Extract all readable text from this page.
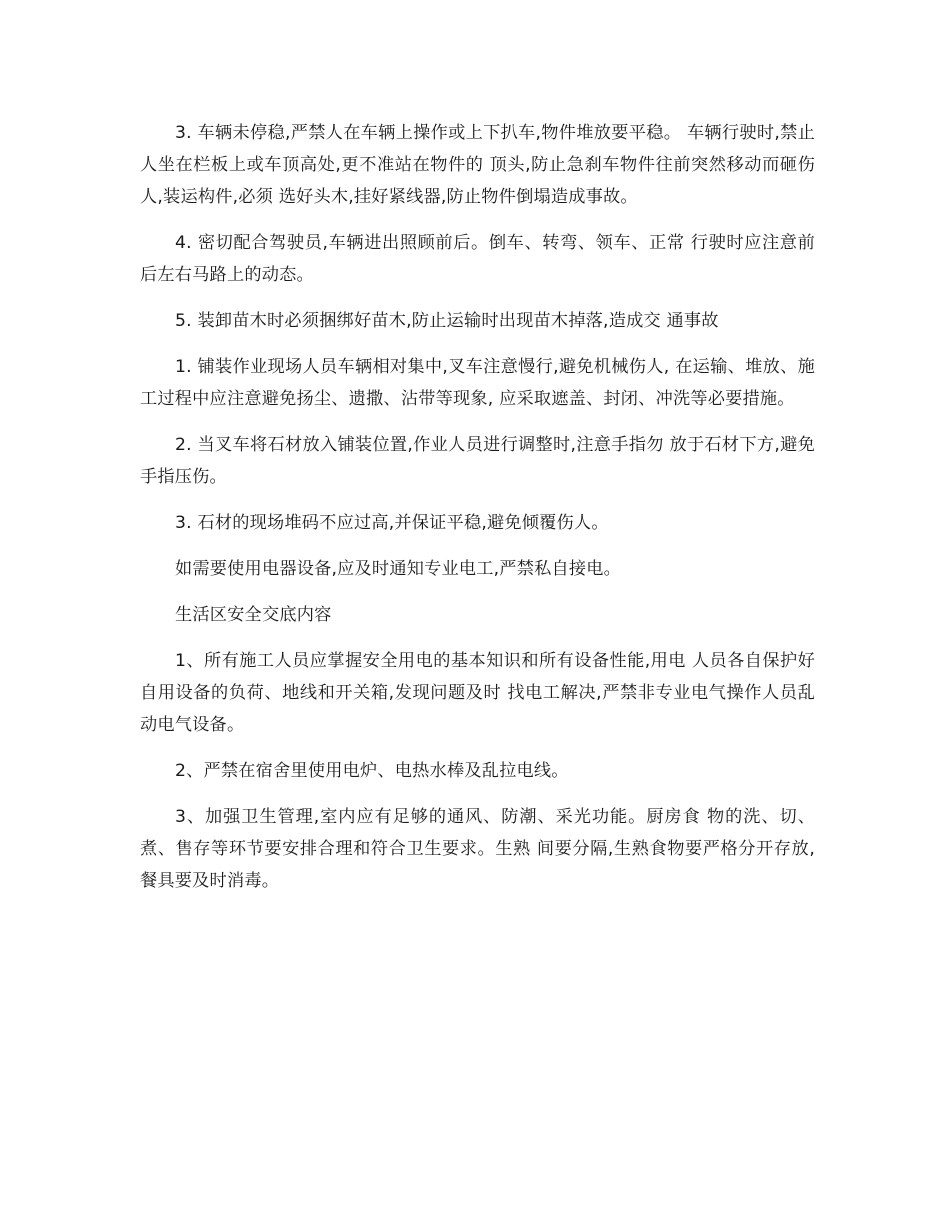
3. 车辆未停稳,严禁人在车辆上操作或上下扒车,物件堆放要平稳。 车辆行驶时,禁止人坐在栏板上或车顶高处,更不准站在物件的 顶头,防止急刹车物件往前突然移动而砸伤人,装运构件,必须 选好头木,挂好紧线器,防止物件倒塌造成事故。

4. 密切配合驾驶员,车辆进出照顾前后。倒车、转弯、领车、正常 行驶时应注意前后左右马路上的动态。

5. 装卸苗木时必须捆绑好苗木,防止运输时出现苗木掉落,造成交 通事故

1. 铺装作业现场人员车辆相对集中,叉车注意慢行,避免机械伤人, 在运输、堆放、施工过程中应注意避免扬尘、遗撒、沾带等现象, 应采取遮盖、封闭、冲洗等必要措施。

2. 当叉车将石材放入铺装位置,作业人员进行调整时,注意手指勿 放于石材下方,避免手指压伤。

3. 石材的现场堆码不应过高,并保证平稳,避免倾覆伤人。

如需要使用电器设备,应及时通知专业电工,严禁私自接电。

生活区安全交底内容

1、所有施工人员应掌握安全用电的基本知识和所有设备性能,用电 人员各自保护好自用设备的负荷、地线和开关箱,发现问题及时 找电工解决,严禁非专业电气操作人员乱动电气设备。

2、严禁在宿舍里使用电炉、电热水棒及乱拉电线。

3、加强卫生管理,室内应有足够的通风、防潮、采光功能。厨房食 物的洗、切、煮、售存等环节要安排合理和符合卫生要求。生熟 间要分隔,生熟食物要严格分开存放,餐具要及时消毒。
